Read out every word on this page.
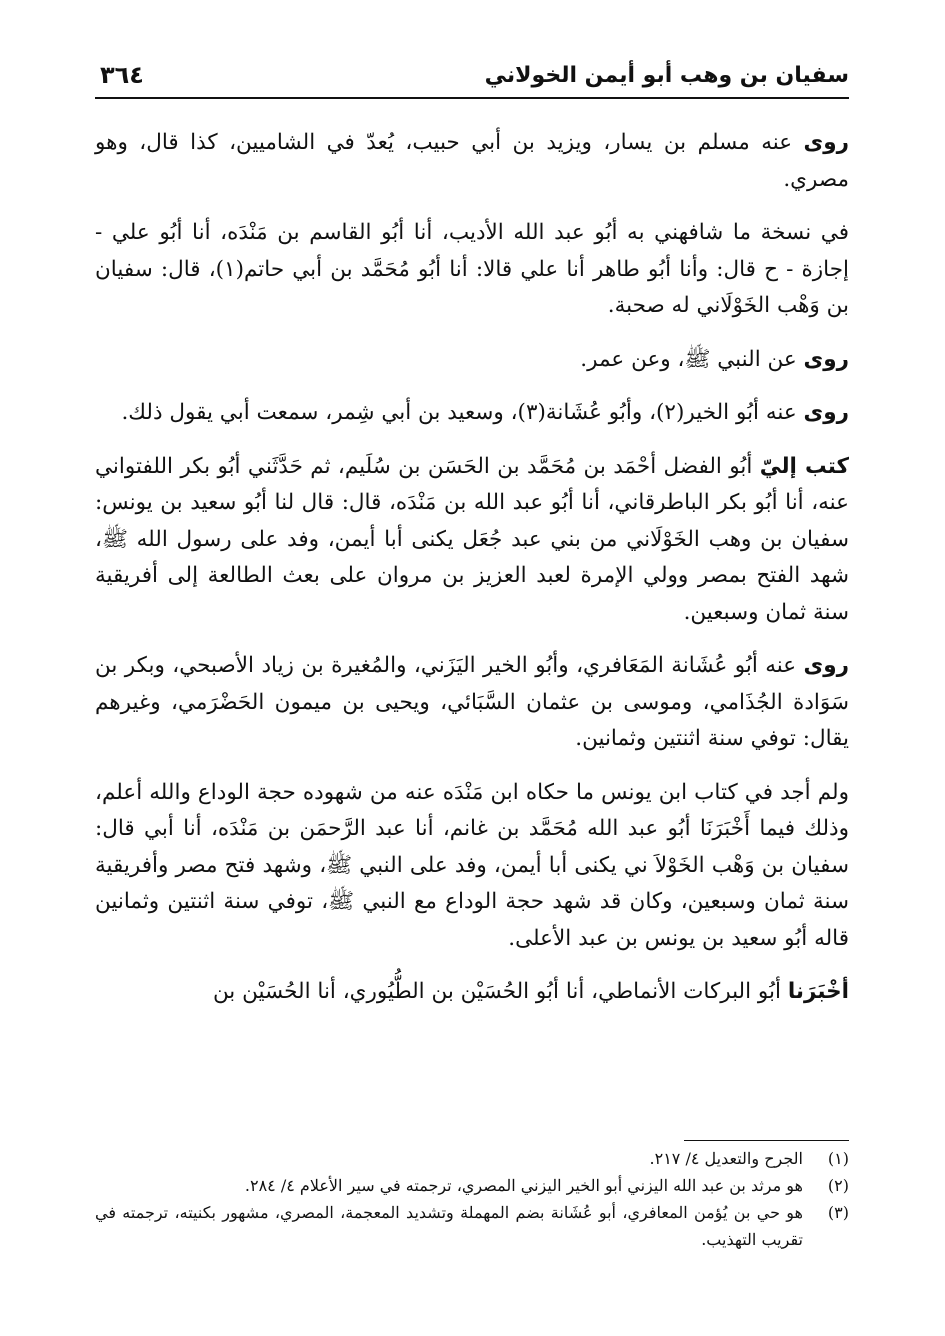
سفيان بن وهب أبو أيمن الخولاني
٣٦٤

روى عنه مسلم بن يسار، ويزيد بن أبي حبيب، يُعدّ في الشاميين، كذا قال، وهو مصري.

في نسخة ما شافهني به أبُو عبد الله الأديب، أنا أبُو القاسم بن مَنْدَه، أنا أبُو علي - إجازة - ح قال: وأنا أبُو طاهر أنا علي قالا: أنا أبُو مُحَمَّد بن أبي حاتم(١)، قال: سفيان بن وَهْب الخَوْلَاني له صحبة.

روى عن النبي ﷺ، وعن عمر.

روى عنه أبُو الخير(٢)، وأبُو عُشَانة(٣)، وسعيد بن أبي شِمر، سمعت أبي يقول ذلك.

كتب إليّ أبُو الفضل أحْمَد بن مُحَمَّد بن الحَسَن بن سُلَيم، ثم حَدَّثَني أبُو بكر اللفتواني عنه، أنا أبُو بكر الباطرقاني، أنا أبُو عبد الله بن مَنْدَه، قال: قال لنا أبُو سعيد بن يونس: سفيان بن وهب الخَوْلَاني من بني عبد جُعَل يكنى أبا أيمن، وفد على رسول الله ﷺ، شهد الفتح بمصر وولي الإمرة لعبد العزيز بن مروان على بعث الطالعة إلى أفريقية سنة ثمان وسبعين.

روى عنه أبُو عُشَانة المَعَافري، وأبُو الخير اليَزَني، والمُغيرة بن زياد الأصبحي، وبكر بن سَوَادة الجُذَامي، وموسى بن عثمان السَّبَائي، ويحيى بن ميمون الحَضْرَمي، وغيرهم يقال: توفي سنة اثنتين وثمانين.

ولم أجد في كتاب ابن يونس ما حكاه ابن مَنْدَه عنه من شهوده حجة الوداع والله أعلم، وذلك فيما أَخْبَرَنَا أبُو عبد الله مُحَمَّد بن غانم، أنا عبد الرَّحمَن بن مَنْدَه، أنا أبي قال: سفيان بن وَهْب الخَوْلاَ ني يكنى أبا أيمن، وفد على النبي ﷺ، وشهد فتح مصر وأفريقية سنة ثمان وسبعين، وكان قد شهد حجة الوداع مع النبي ﷺ، توفي سنة اثنتين وثمانين قاله أبُو سعيد بن يونس بن عبد الأعلى.

أخْبَرَنا أبُو البركات الأنماطي، أنا أبُو الحُسَيْن بن الطُّيُوري، أنا الحُسَيْن بن

(١)
الجرح والتعديل ٤/ ٢١٧.
(٢)
هو مرثد بن عبد الله اليزني أبو الخير اليزني المصري، ترجمته في سير الأعلام ٤/ ٢٨٤.
(٣)
هو حي بن يُؤمن المعافري، أبو عُشَانة بضم المهملة وتشديد المعجمة، المصري، مشهور بكنيته، ترجمته في تقريب التهذيب.
